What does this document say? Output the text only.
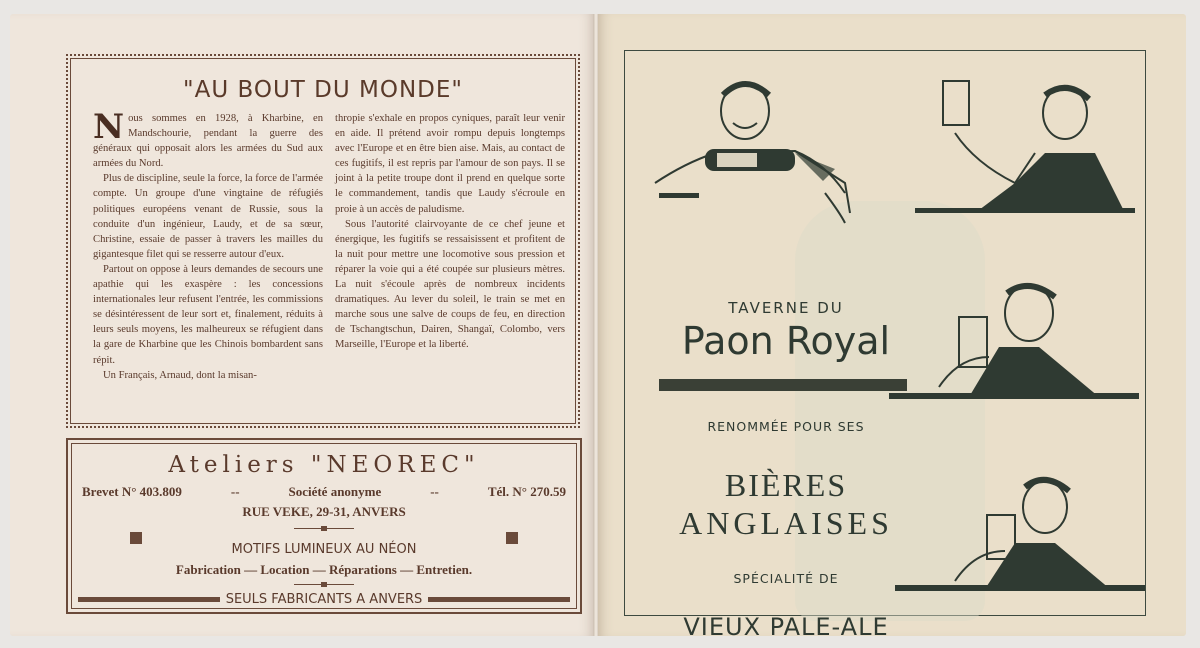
"AU BOUT DU MONDE"

Nous sommes en 1928, à Kharbine, en Mandschourie, pendant la guerre des généraux qui opposait alors les armées du Sud aux armées du Nord.

Plus de discipline, seule la force, la force de l'armée compte. Un groupe d'une vingtaine de réfugiés politiques européens venant de Russie, sous la conduite d'un ingénieur, Laudy, et de sa sœur, Christine, essaie de passer à travers les mailles du gigantesque filet qui se resserre autour d'eux.

Partout on oppose à leurs demandes de secours une apathie qui les exaspère : les concessions internationales leur refusent l'entrée, les commissions se désintéressent de leur sort et, finalement, réduits à leurs seuls moyens, les malheureux se réfugient dans la gare de Kharbine que les Chinois bombardent sans répit.

Un Français, Arnaud, dont la misan-

thropie s'exhale en propos cyniques, paraît leur venir en aide. Il prétend avoir rompu depuis longtemps avec l'Europe et en être bien aise. Mais, au contact de ces fugitifs, il est repris par l'amour de son pays. Il se joint à la petite troupe dont il prend en quelque sorte le commandement, tandis que Laudy s'écroule en proie à un accès de paludisme.

Sous l'autorité clairvoyante de ce chef jeune et énergique, les fugitifs se ressaisissent et profitent de la nuit pour mettre une locomotive sous pression et réparer la voie qui a été coupée sur plusieurs mètres. La nuit s'écoule après de nombreux incidents dramatiques. Au lever du soleil, le train se met en marche sous une salve de coups de feu, en direction de Tschangtschun, Dairen, Shangaï, Colombo, vers Marseille, l'Europe et la liberté.

Ateliers "NEOREC"
Brevet N° 403.809	--	Société anonyme	--	Tél. N° 270.59
RUE VEKE, 29-31, ANVERS
MOTIFS LUMINEUX AU NÉON
Fabrication — Location — Réparations — Entretien.
SEULS FABRICANTS A ANVERS
TAVERNE DU
Paon Royal
RENOMMÉE POUR SES
BIÈRES
ANGLAISES
SPÉCIALITÉ DE
VIEUX PALE-ALE
